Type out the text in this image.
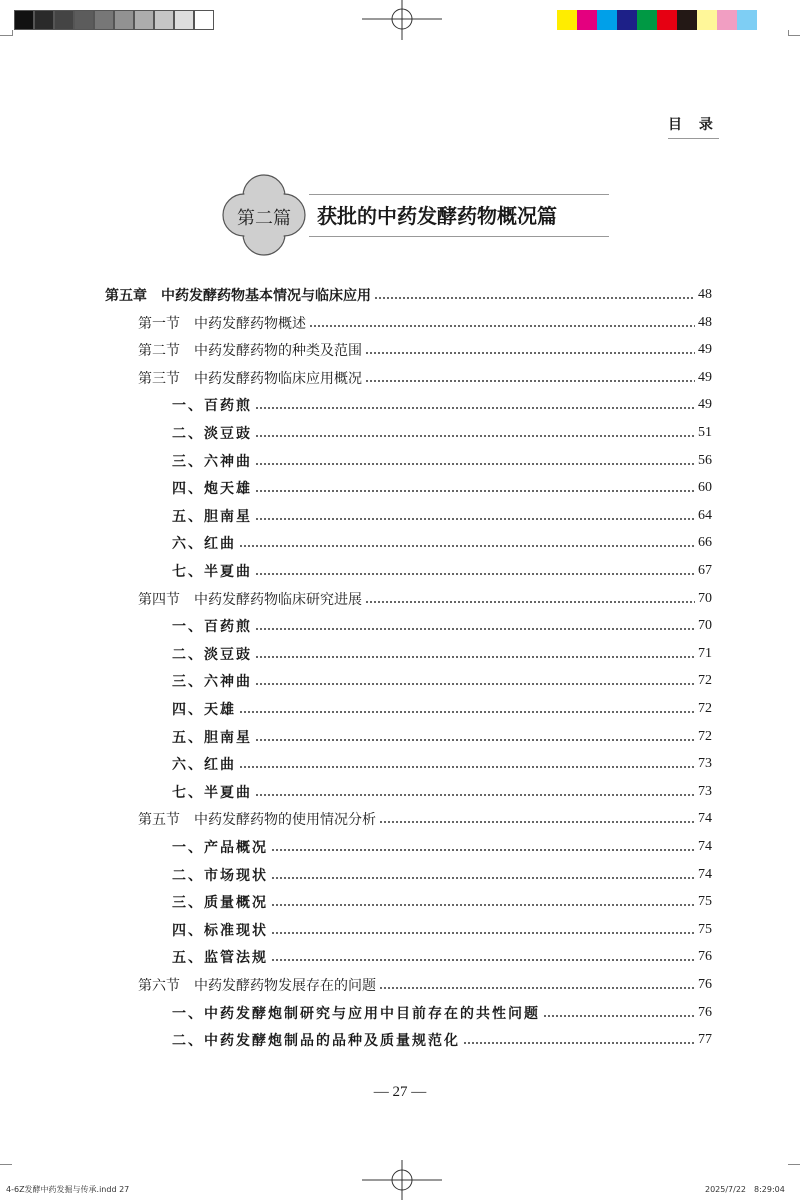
目 录
第二篇	获批的中药发酵药物概况篇
第五章　中药发酵药物基本情况与临床应用	48
第一节　中药发酵药物概述	48
第二节　中药发酵药物的种类及范围	49
第三节　中药发酵药物临床应用概况	49
一、百药煎	49
二、淡豆豉	51
三、六神曲	56
四、炮天雄	60
五、胆南星	64
六、红曲	66
七、半夏曲	67
第四节　中药发酵药物临床研究进展	70
一、百药煎	70
二、淡豆豉	71
三、六神曲	72
四、天雄	72
五、胆南星	72
六、红曲	73
七、半夏曲	73
第五节　中药发酵药物的使用情况分析	74
一、产品概况	74
二、市场现状	74
三、质量概况	75
四、标准现状	75
五、监管法规	76
第六节　中药发酵药物发展存在的问题	76
一、中药发酵炮制研究与应用中目前存在的共性问题	76
二、中药发酵炮制品的品种及质量规范化	77
— 27 —
4-6Z发酵中药发掘与传承.indd 27	2025/7/22　8:29:04
